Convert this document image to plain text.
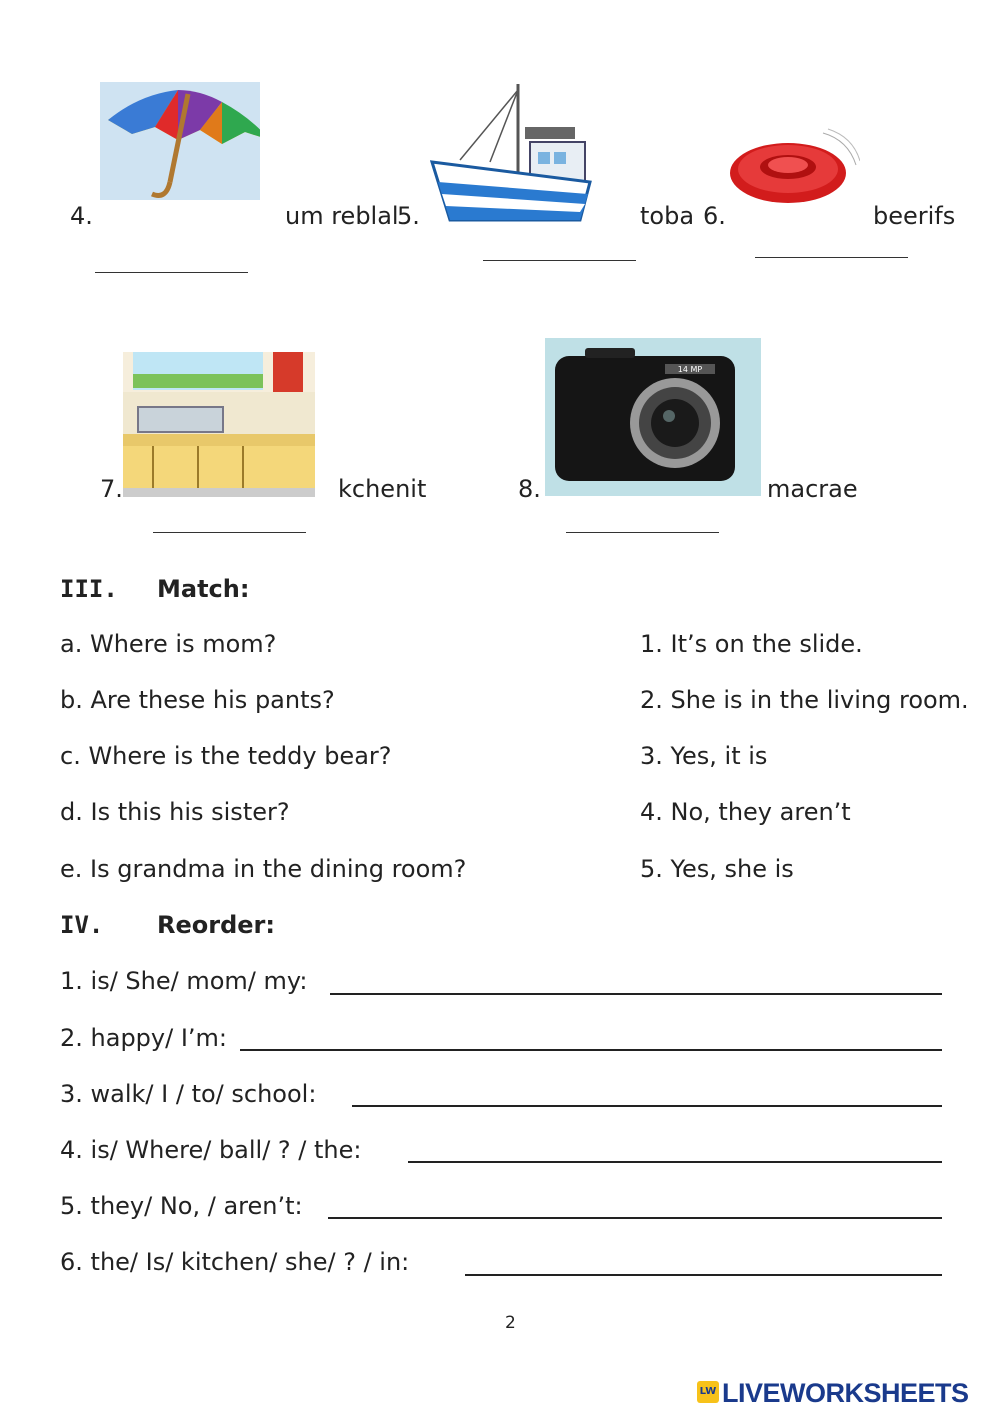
4.	um reblal
5.	toba 6.	beerifs
7.	kchenit	8.
14 MP
macrae
III. Match:
a. Where is mom?
b. Are these his pants?
c. Where is the teddy bear?
d. Is this his sister?
e. Is grandma in the dining room?
1. It’s on the slide.
2. She is in the living room.
3. Yes, it is
4. No, they aren’t
5. Yes, she is
IV. Reorder:
1. is/ She/ mom/ my:
2. happy/ I’m:
3. walk/ I / to/ school:
4. is/ Where/ ball/ ? / the:
5. they/ No, / aren’t:
6. the/ Is/ kitchen/ she/ ? / in:
2
LW LIVEWORKSHEETS
